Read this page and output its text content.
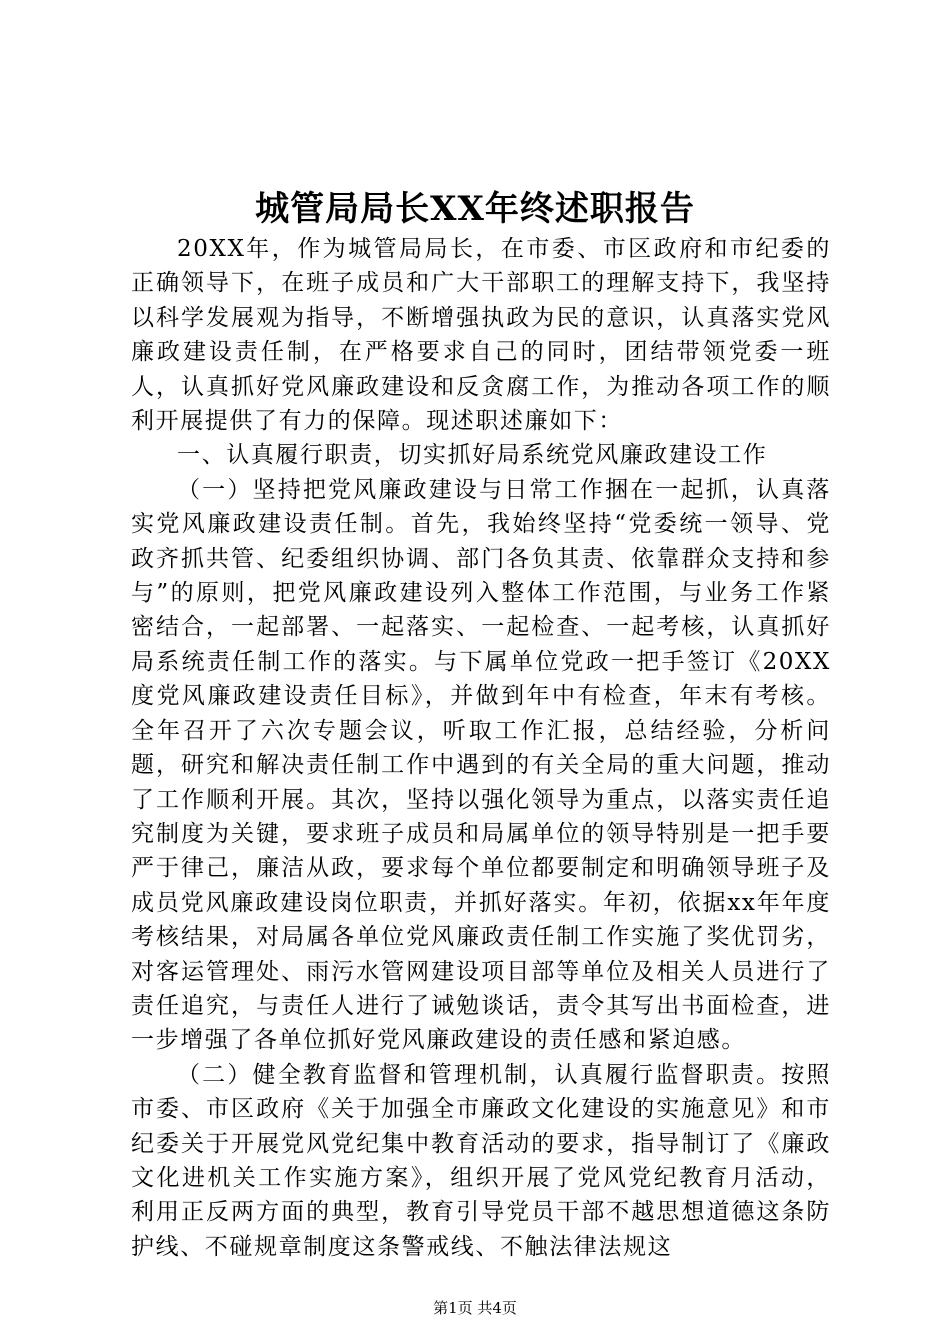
城管局局长XX年终述职报告

20XX年，作为城管局局长，在市委、市区政府和市纪委的正确领导下，在班子成员和广大干部职工的理解支持下，我坚持以科学发展观为指导，不断增强执政为民的意识，认真落实党风廉政建设责任制，在严格要求自己的同时，团结带领党委一班人，认真抓好党风廉政建设和反贪腐工作，为推动各项工作的顺利开展提供了有力的保障。现述职述廉如下：

一、认真履行职责，切实抓好局系统党风廉政建设工作

（一）坚持把党风廉政建设与日常工作捆在一起抓，认真落实党风廉政建设责任制。首先，我始终坚持“党委统一领导、党政齐抓共管、纪委组织协调、部门各负其责、依靠群众支持和参与”的原则，把党风廉政建设列入整体工作范围，与业务工作紧密结合，一起部署、一起落实、一起检查、一起考核，认真抓好局系统责任制工作的落实。与下属单位党政一把手签订《20XX度党风廉政建设责任目标》，并做到年中有检查，年末有考核。全年召开了六次专题会议，听取工作汇报，总结经验，分析问题，研究和解决责任制工作中遇到的有关全局的重大问题，推动了工作顺利开展。其次，坚持以强化领导为重点，以落实责任追究制度为关键，要求班子成员和局属单位的领导特别是一把手要严于律己，廉洁从政，要求每个单位都要制定和明确领导班子及成员党风廉政建设岗位职责，并抓好落实。年初，依据xx年年度考核结果，对局属各单位党风廉政责任制工作实施了奖优罚劣，对客运管理处、雨污水管网建设项目部等单位及相关人员进行了责任追究，与责任人进行了诫勉谈话，责令其写出书面检查，进一步增强了各单位抓好党风廉政建设的责任感和紧迫感。

（二）健全教育监督和管理机制，认真履行监督职责。按照市委、市区政府《关于加强全市廉政文化建设的实施意见》和市纪委关于开展党风党纪集中教育活动的要求，指导制订了《廉政文化进机关工作实施方案》，组织开展了党风党纪教育月活动，利用正反两方面的典型，教育引导党员干部不越思想道德这条防护线、不碰规章制度这条警戒线、不触法律法规这

第1页 共4页
